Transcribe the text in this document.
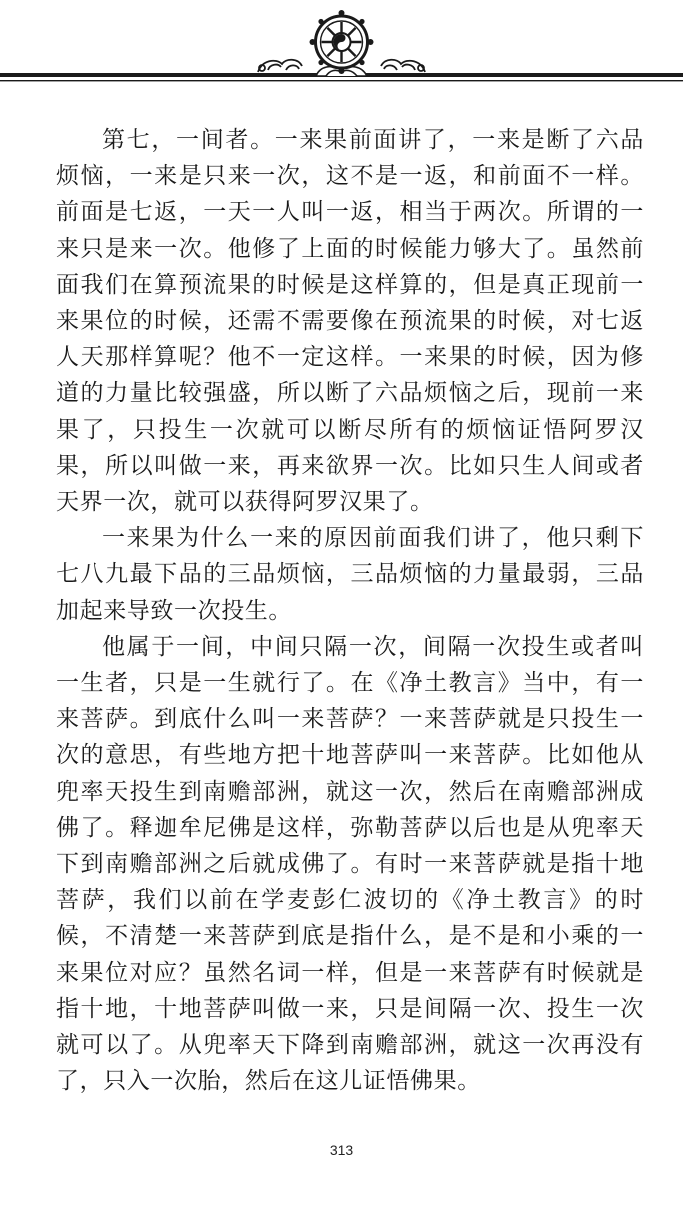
第七，一间者。一来果前面讲了，一来是断了六品烦恼，一来是只来一次，这不是一返，和前面不一样。前面是七返，一天一人叫一返，相当于两次。所谓的一来只是来一次。他修了上面的时候能力够大了。虽然前面我们在算预流果的时候是这样算的，但是真正现前一来果位的时候，还需不需要像在预流果的时候，对七返人天那样算呢？他不一定这样。一来果的时候，因为修道的力量比较强盛，所以断了六品烦恼之后，现前一来果了，只投生一次就可以断尽所有的烦恼证悟阿罗汉果，所以叫做一来，再来欲界一次。比如只生人间或者天界一次，就可以获得阿罗汉果了。

一来果为什么一来的原因前面我们讲了，他只剩下七八九最下品的三品烦恼，三品烦恼的力量最弱，三品加起来导致一次投生。

他属于一间，中间只隔一次，间隔一次投生或者叫一生者，只是一生就行了。在《净土教言》当中，有一来菩萨。到底什么叫一来菩萨？一来菩萨就是只投生一次的意思，有些地方把十地菩萨叫一来菩萨。比如他从兜率天投生到南赡部洲，就这一次，然后在南赡部洲成佛了。释迦牟尼佛是这样，弥勒菩萨以后也是从兜率天下到南赡部洲之后就成佛了。有时一来菩萨就是指十地菩萨，我们以前在学麦彭仁波切的《净土教言》的时候，不清楚一来菩萨到底是指什么，是不是和小乘的一来果位对应？虽然名词一样，但是一来菩萨有时候就是指十地，十地菩萨叫做一来，只是间隔一次、投生一次就可以了。从兜率天下降到南赡部洲，就这一次再没有了，只入一次胎，然后在这儿证悟佛果。

313
